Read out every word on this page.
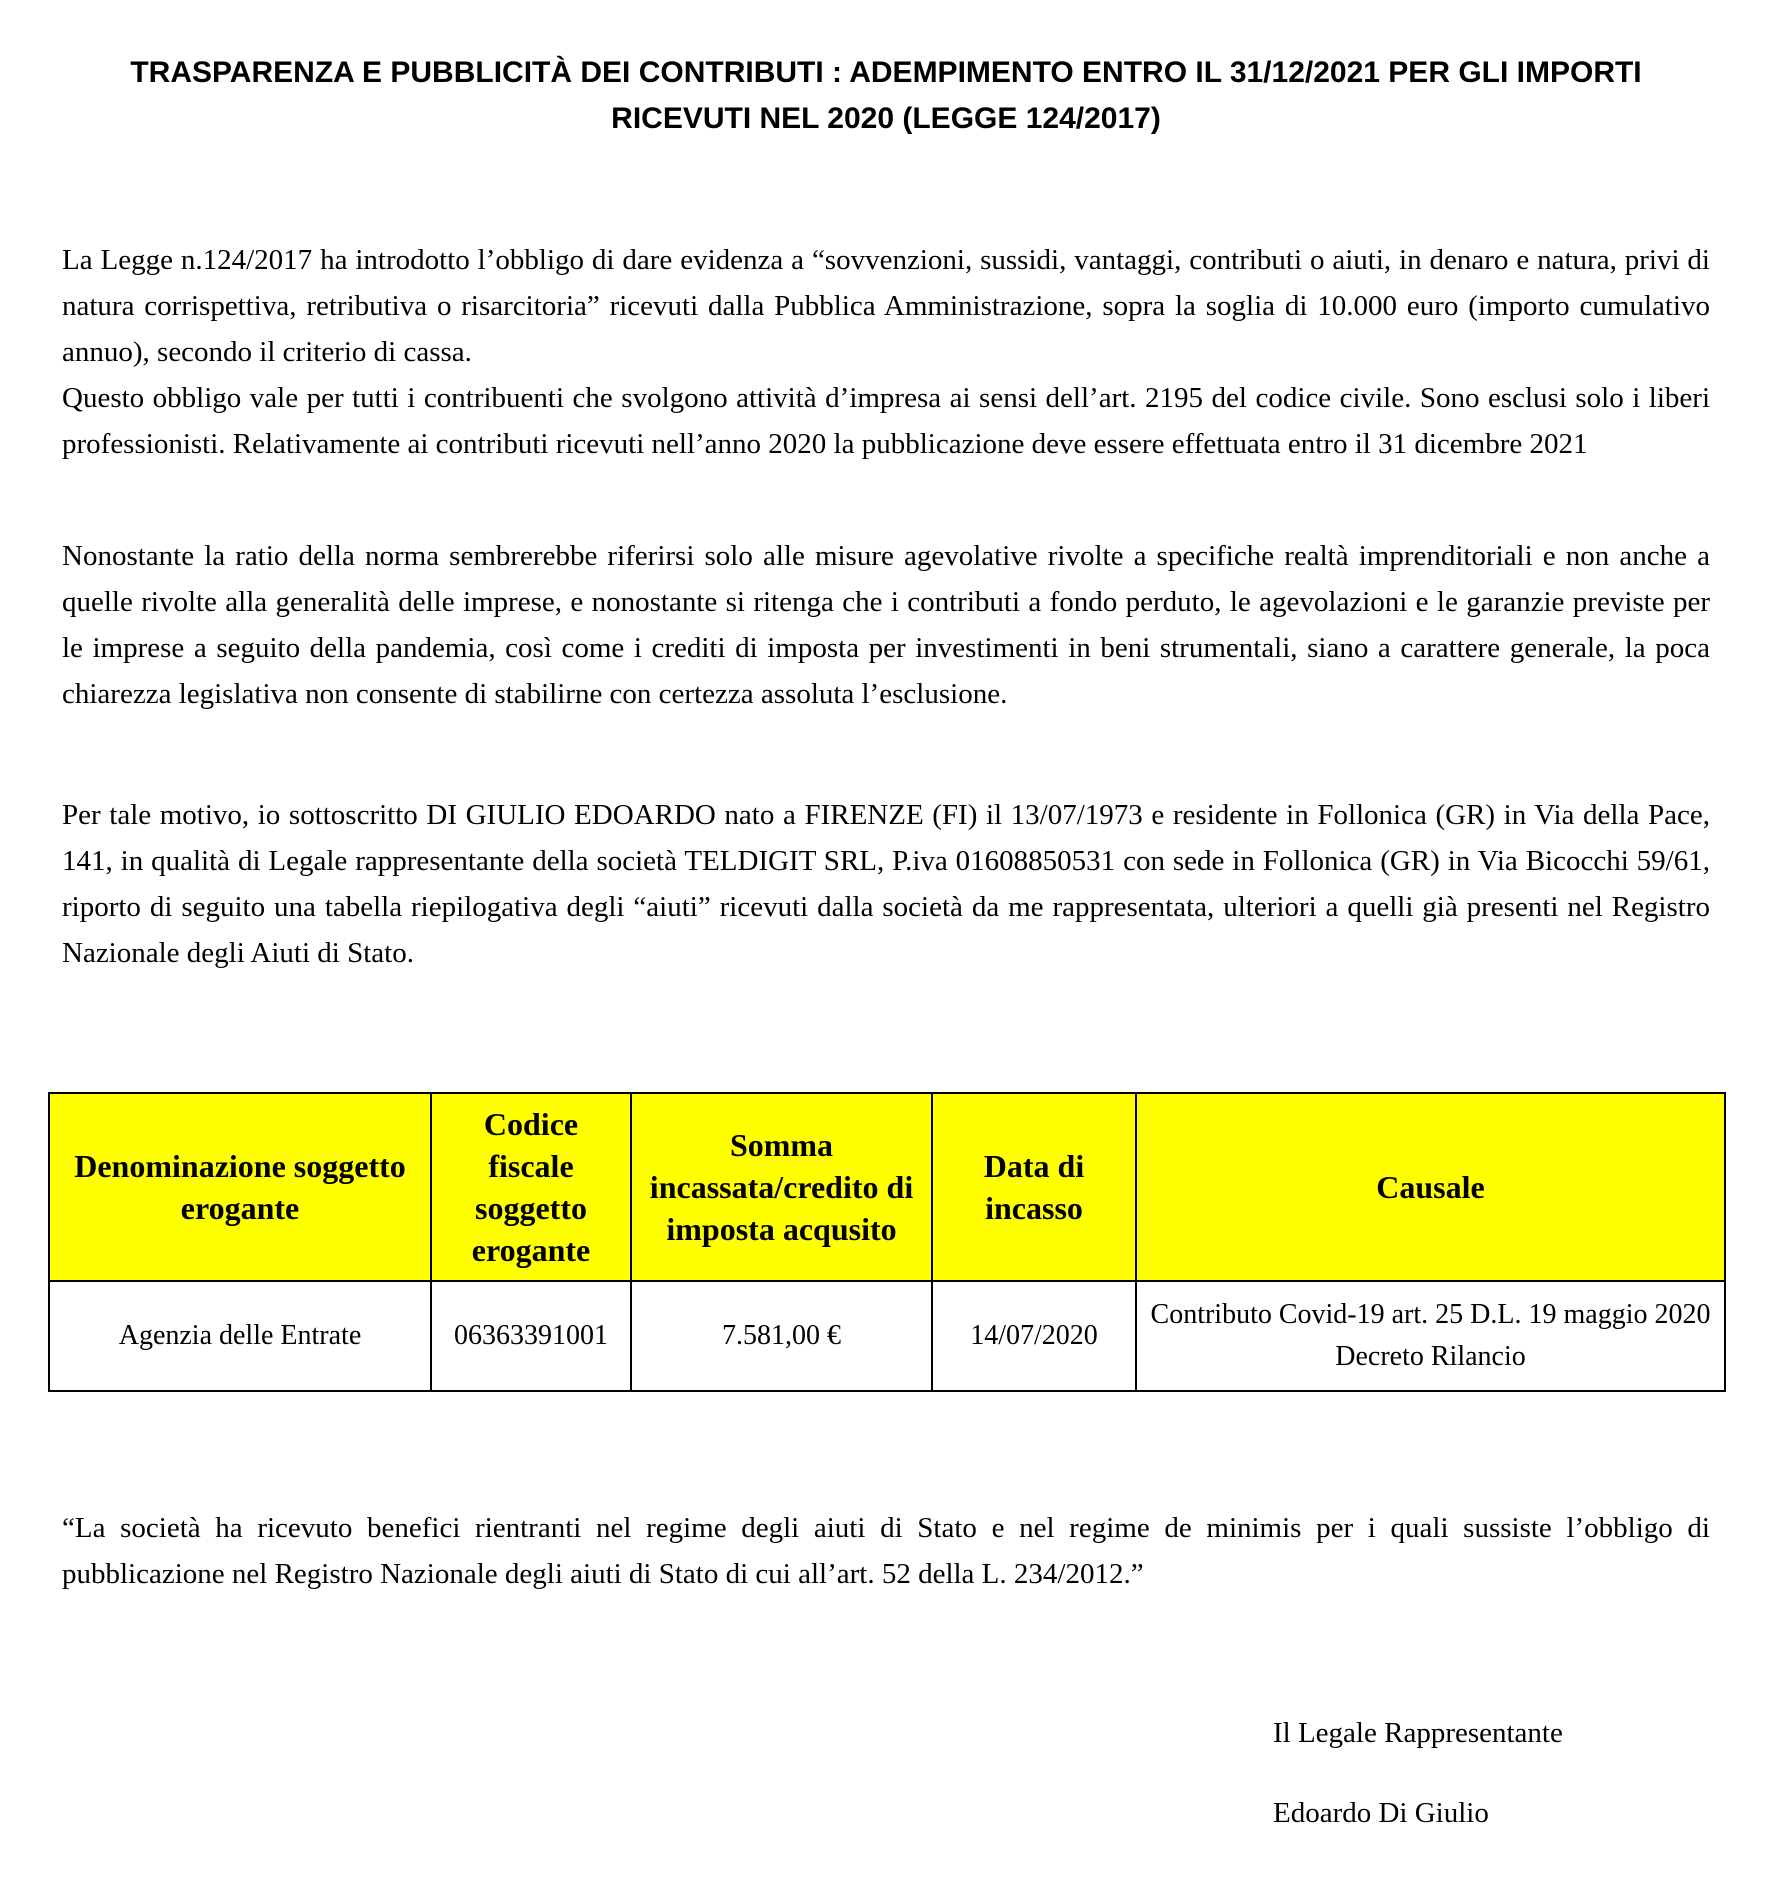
TRASPARENZA E PUBBLICITÀ DEI CONTRIBUTI : ADEMPIMENTO ENTRO IL 31/12/2021 PER GLI IMPORTI
RICEVUTI NEL 2020 (LEGGE 124/2017)
La Legge n.124/2017 ha introdotto l’obbligo di dare evidenza a “sovvenzioni, sussidi, vantaggi, contributi o aiuti, in denaro e natura, privi di natura corrispettiva, retributiva o risarcitoria” ricevuti dalla Pubblica Amministrazione, sopra la soglia di 10.000 euro (importo cumulativo annuo), secondo il criterio di cassa.
Questo obbligo vale per tutti i contribuenti che svolgono attività d’impresa ai sensi dell’art. 2195 del codice civile. Sono esclusi solo i liberi professionisti. Relativamente ai contributi ricevuti nell’anno 2020 la pubblicazione deve essere effettuata entro il 31 dicembre 2021
Nonostante la ratio della norma sembrerebbe riferirsi solo alle misure agevolative rivolte a specifiche realtà imprenditoriali e non anche a quelle rivolte alla generalità delle imprese, e nonostante si ritenga che i contributi a fondo perduto, le agevolazioni e le garanzie previste per le imprese a seguito della pandemia, così come i crediti di imposta per investimenti in beni strumentali, siano a carattere generale, la poca chiarezza legislativa non consente di stabilirne con certezza assoluta l’esclusione.
Per tale motivo, io sottoscritto DI GIULIO EDOARDO nato a FIRENZE (FI) il 13/07/1973 e residente in Follonica (GR) in Via della Pace, 141, in qualità di Legale rappresentante della società TELDIGIT SRL, P.iva 01608850531 con sede in Follonica (GR) in Via Bicocchi 59/61, riporto di seguito una tabella riepilogativa degli “aiuti” ricevuti dalla società da me rappresentata, ulteriori a quelli già presenti nel Registro Nazionale degli Aiuti di Stato.
Denominazione soggetto erogante	Codice fiscale soggetto erogante	Somma incassata/credito di imposta acqusito	Data di incasso	Causale
Agenzia delle Entrate	06363391001	7.581,00 €	14/07/2020	Contributo Covid-19 art. 25 D.L. 19 maggio 2020 Decreto Rilancio
“La società ha ricevuto benefici rientranti nel regime degli aiuti di Stato e nel regime de minimis per i quali sussiste l’obbligo di pubblicazione nel Registro Nazionale degli aiuti di Stato di cui all’art. 52 della L. 234/2012.”
Il Legale Rappresentante
Edoardo Di Giulio
